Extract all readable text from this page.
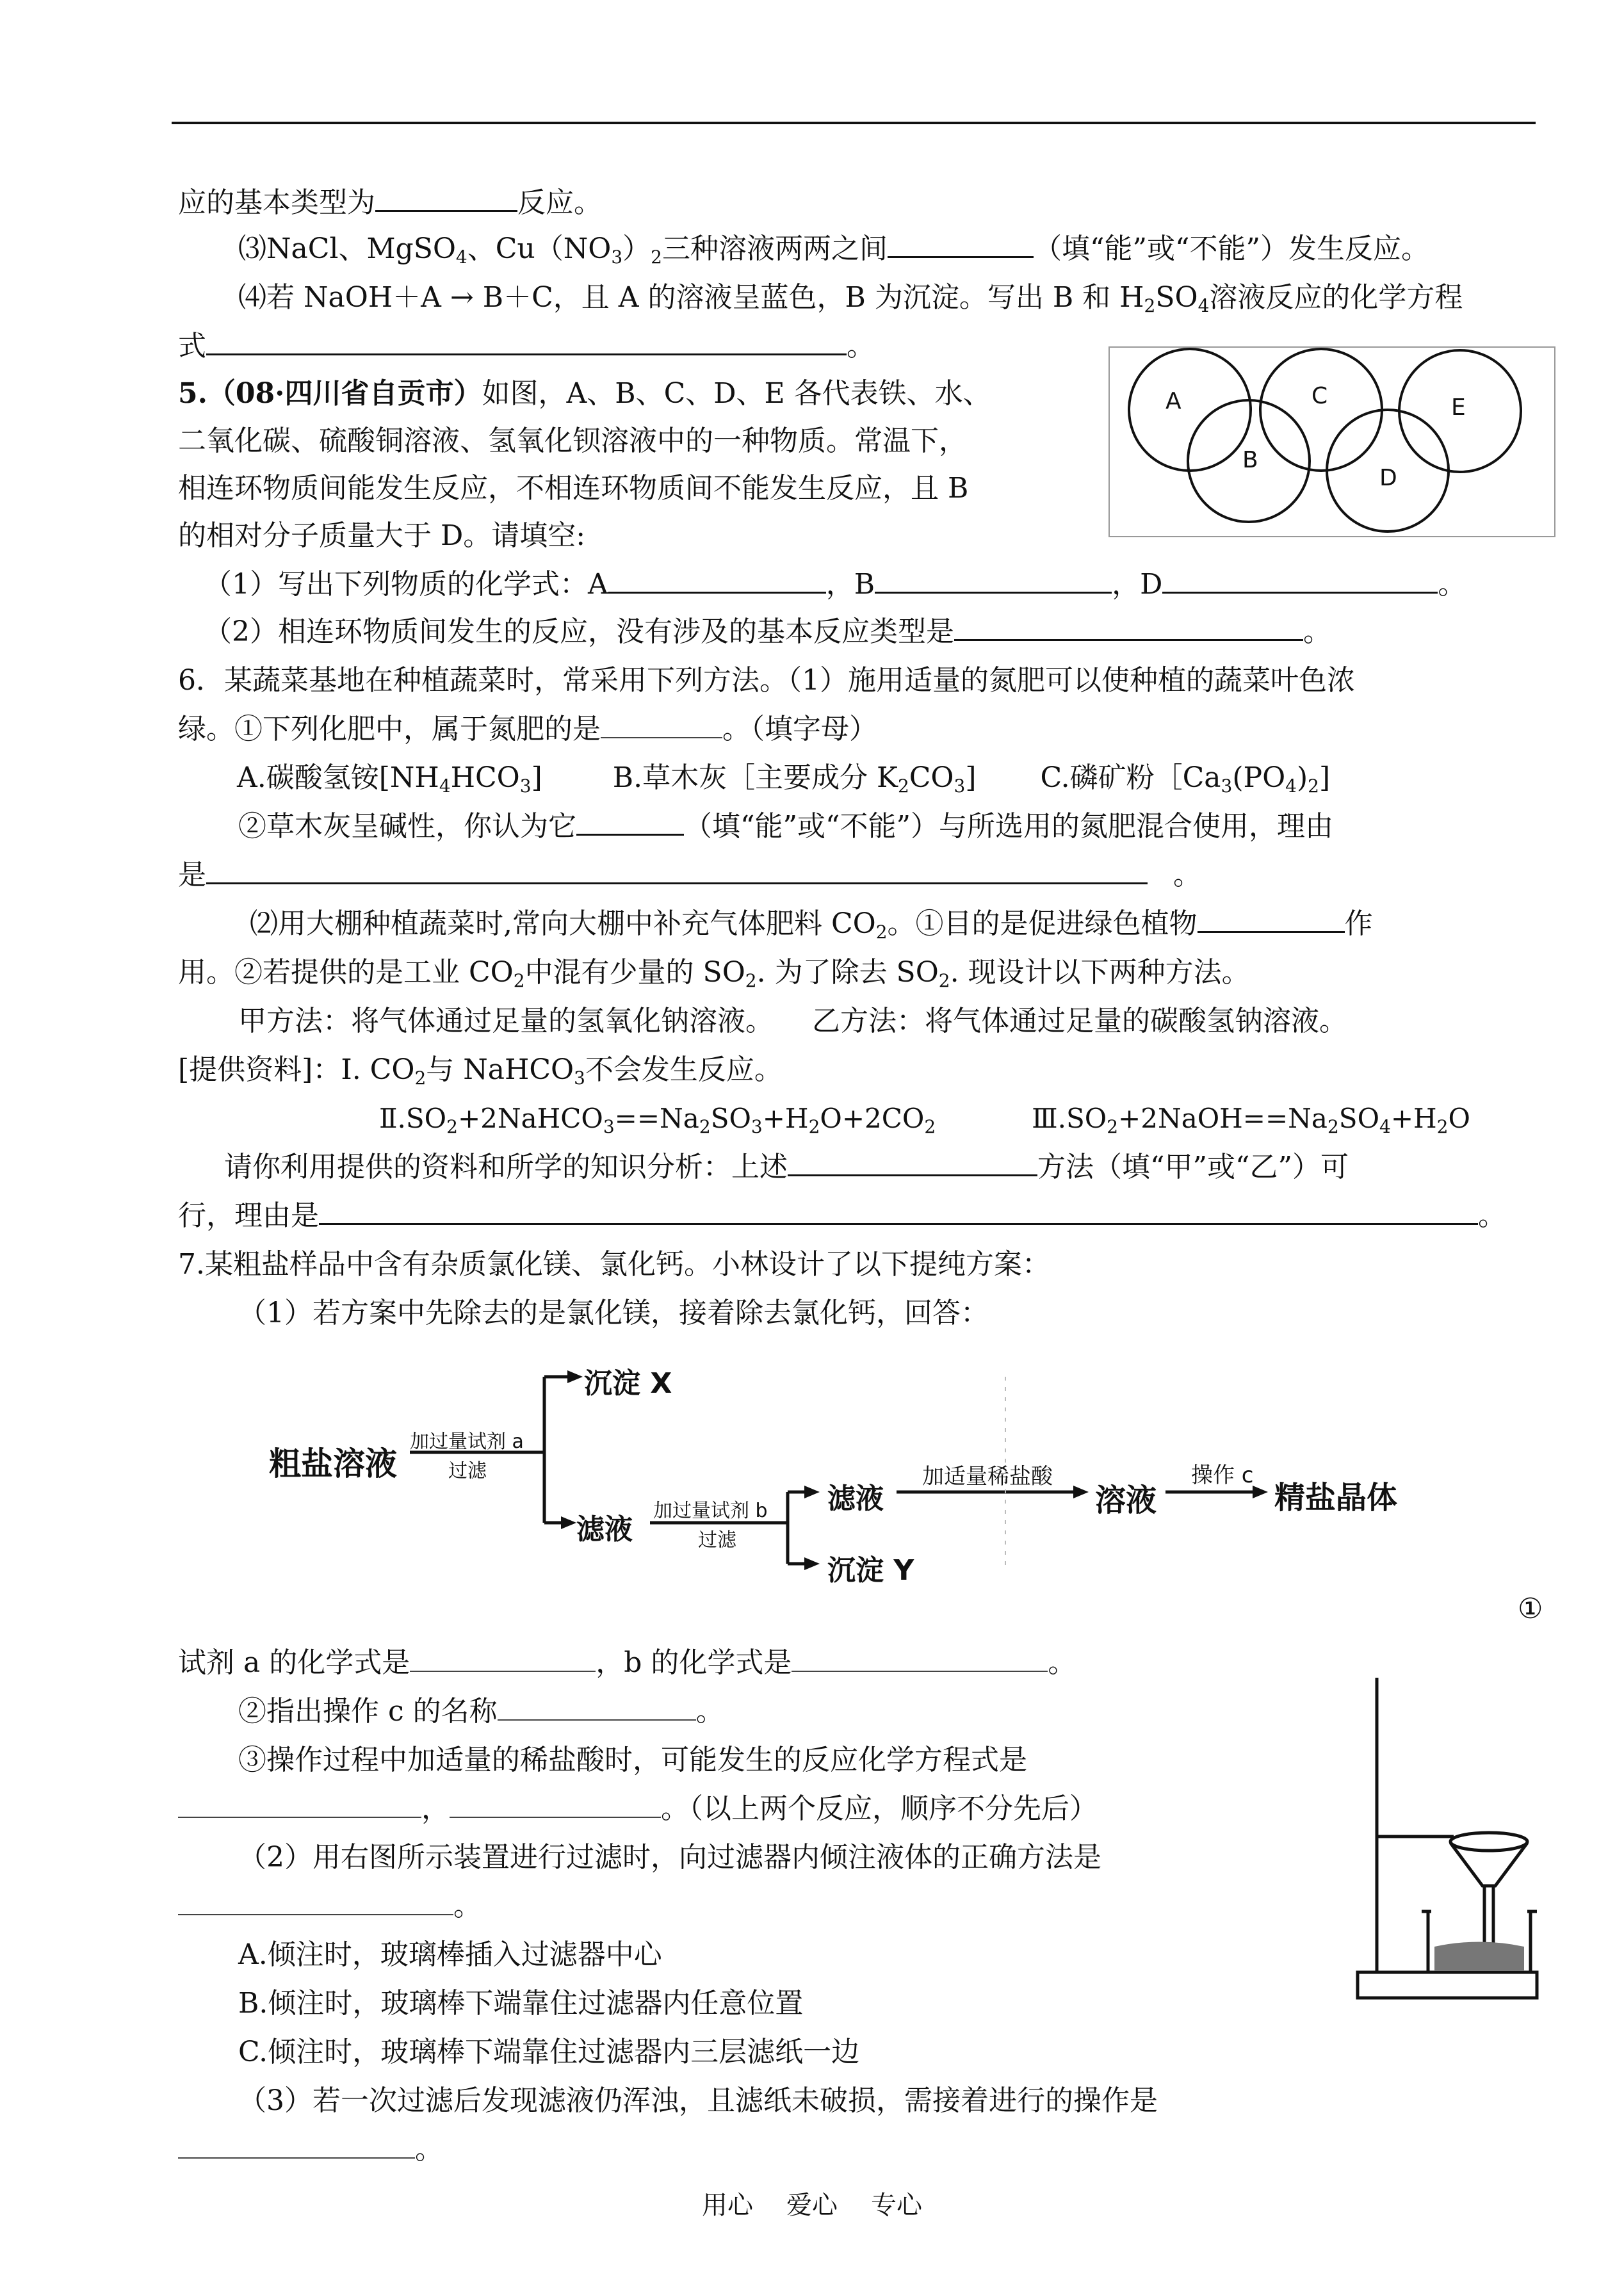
应的基本类型为	反应。
⑶NaCl、MgSO$_4$、$Cu(NO_3)_2$三种溶液两两之间	（填“能”或“不能”）发生反应。
⑷若 NaOH＋A → B＋C，且 A 的溶液呈蓝色，B 为沉淀。写出 B 和 $H_2SO_4$溶液反应的化学方程
式	。
5.（08·四川省自贡市）如图，A、B、C、D、E 各代表铁、水、
二氧化碳、硫酸铜溶液、氢氧化钡溶液中的一种物质。常温下，
相连环物质间能发生反应，不相连环物质间不能发生反应，且 B
的相对分子质量大于 D。请填空:
A
B
C
D
E
（1）写出下列物质的化学式：A	，B	，D	。
（2）相连环物质间发生的反应，没有涉及的基本反应类型是	。
6．某蔬菜基地在种植蔬菜时，常采用下列方法。（1）施用适量的氮肥可以使种植的蔬菜叶色浓
绿。①下列化肥中，属于氮肥的是	。（填字母）
A.碳酸氢铵$[NH_4HCO_3]$	B.草木灰［主要成分 $K_2CO_3$] C.磷矿粉$[Ca_3(PO_4)_2$]
②草木灰呈碱性，你认为它	（填“能”或“不能”）与所选用的氮肥混合使用，理由
是	。
⑵用大棚种植蔬菜时,常向大棚中补充气体肥料 $CO_2$。①目的是促进绿色植物	作
用。②若提供的是工业 $CO_2$中混有少量的 $SO_2$. 为了除去 $SO_2$. 现设计以下两种方法。
甲方法：将气体通过足量的氢氧化钠溶液。 乙方法：将气体通过足量的碳酸氢钠溶液。
[提供资料]：Ⅰ. $CO_2$与 NaHCO$_3$不会发生反应。
$Ⅱ.SO_2+2NaHCO_3==Na_2SO_3+H_2O+2CO_2$	$Ⅲ.SO_2+2NaOH==Na_2SO_4+H_2O$
请你利用提供的资料和所学的知识分析：上述	方法（填“甲”或“乙”）可
行，理由是	。
7.某粗盐样品中含有杂质氯化镁、氯化钙。小林设计了以下提纯方案：
（1）若方案中先除去的是氯化镁，接着除去氯化钙，回答：
粗盐溶液
加过量试剂 a
过滤
沉淀 X
滤液
加过量试剂 b
过滤
滤液
沉淀 Y
加适量稀盐酸
溶液
操作 c
精盐晶体
①
试剂 a 的化学式是	，b 的化学式是	。
②指出操作 c 的名称	。
③操作过程中加适量的稀盐酸时，可能发生的反应化学方程式是
，	。（以上两个反应，顺序不分先后）
（2）用右图所示装置进行过滤时，向过滤器内倾注液体的正确方法是
。
A.倾注时，玻璃棒插入过滤器中心
B.倾注时，玻璃棒下端靠住过滤器内任意位置
C.倾注时，玻璃棒下端靠住过滤器内三层滤纸一边
（3）若一次过滤后发现滤液仍浑浊，且滤纸未破损，需接着进行的操作是
。
用心 爱心 专心
